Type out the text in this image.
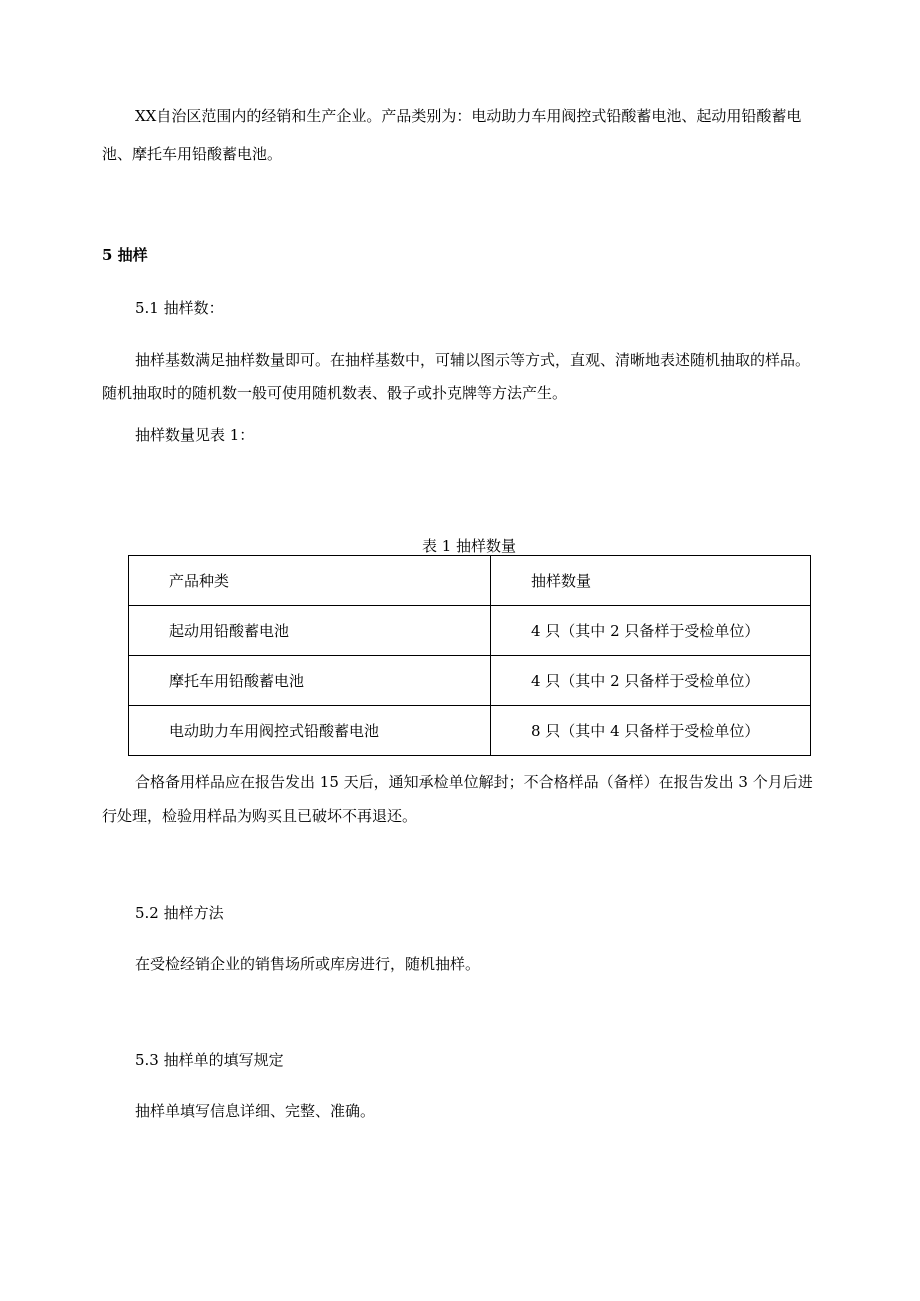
XX自治区范围内的经销和生产企业。产品类别为：电动助力车用阀控式铅酸蓄电池、起动用铅酸蓄电

池、摩托车用铅酸蓄电池。

5 抽样

5.1 抽样数：

抽样基数满足抽样数量即可。在抽样基数中，可辅以图示等方式，直观、清晰地表述随机抽取的样品。

随机抽取时的随机数一般可使用随机数表、骰子或扑克牌等方法产生。

抽样数量见表 1：

表 1 抽样数量
产品种类	抽样数量
起动用铅酸蓄电池	4 只（其中 2 只备样于受检单位）
摩托车用铅酸蓄电池	4 只（其中 2 只备样于受检单位）
电动助力车用阀控式铅酸蓄电池	8 只（其中 4 只备样于受检单位）

合格备用样品应在报告发出 15 天后，通知承检单位解封；不合格样品（备样）在报告发出 3 个月后进

行处理，检验用样品为购买且已破坏不再退还。

5.2 抽样方法

在受检经销企业的销售场所或库房进行，随机抽样。

5.3 抽样单的填写规定

抽样单填写信息详细、完整、准确。
